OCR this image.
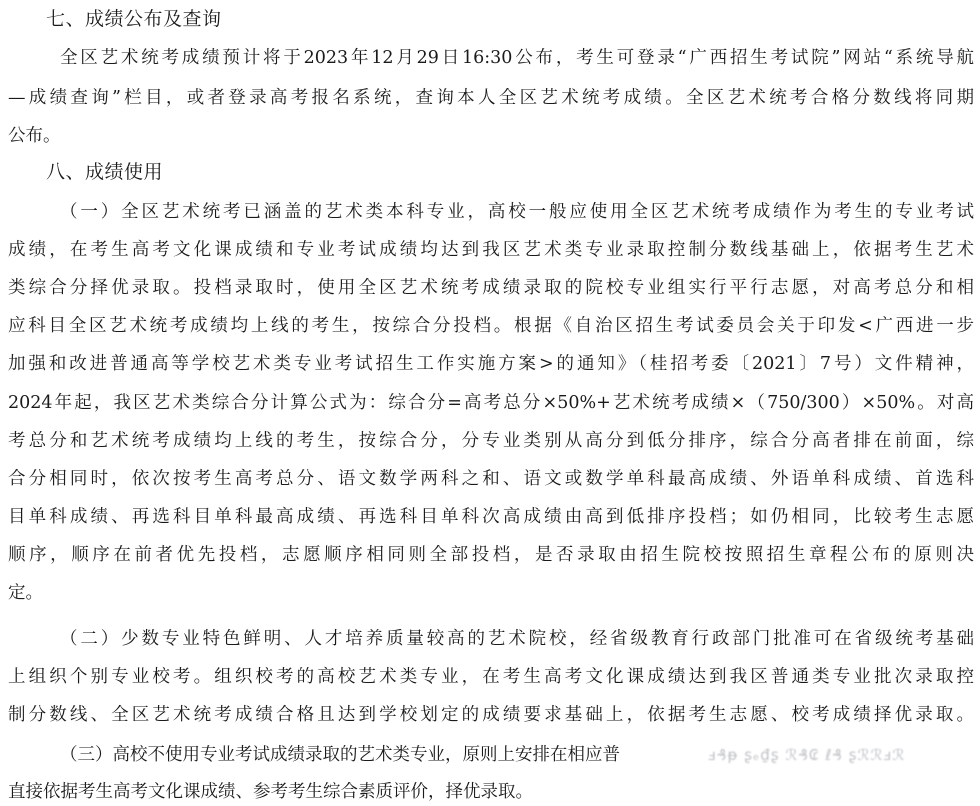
七、成绩公布及查询

全区艺术统考成绩预计将于2023年12月29日16:30公布，考生可登录“广西招生考试院”网站“系统导航

—成绩查询”栏目，或者登录高考报名系统，查询本人全区艺术统考成绩。全区艺术统考合格分数线将同期

公布。

八、成绩使用

（一）全区艺术统考已涵盖的艺术类本科专业，高校一般应使用全区艺术统考成绩作为考生的专业考试

成绩，在考生高考文化课成绩和专业考试成绩均达到我区艺术类专业录取控制分数线基础上，依据考生艺术

类综合分择优录取。投档录取时，使用全区艺术统考成绩录取的院校专业组实行平行志愿，对高考总分和相

应科目全区艺术统考成绩均上线的考生，按综合分投档。根据《自治区招生考试委员会关于印发<广西进一步

加强和改进普通高等学校艺术类专业考试招生工作实施方案>的通知》（桂招考委〔2021〕7号）文件精神，

2024年起，我区艺术类综合分计算公式为：综合分=高考总分×50%+艺术统考成绩×（750/300）×50%。对高

考总分和艺术统考成绩均上线的考生，按综合分，分专业类别从高分到低分排序，综合分高者排在前面，综

合分相同时，依次按考生高考总分、语文数学两科之和、语文或数学单科最高成绩、外语单科成绩、首选科

目单科成绩、再选科目单科最高成绩、再选科目单科次高成绩由高到低排序投档；如仍相同，比较考生志愿

顺序，顺序在前者优先投档，志愿顺序相同则全部投档，是否录取由招生院校按照招生章程公布的原则决

定。

（二）少数专业特色鲜明、人才培养质量较高的艺术院校，经省级教育行政部门批准可在省级统考基础

上组织个别专业校考。组织校考的高校艺术类专业，在考生高考文化课成绩达到我区普通类专业批次录取控

制分数线、全区艺术统考成绩合格且达到学校划定的成绩要求基础上，依据考生志愿、校考成绩择优录取。

（三）高校不使用专业考试成绩录取的艺术类专业，原则上安排在相应普	ⅎ₰ᵽ ʂₑ₫ʂ ℛ₰₢ ℓ₰ ʂℛℛⅎℛ

直接依据考生高考文化课成绩、参考考生综合素质评价，择优录取。
